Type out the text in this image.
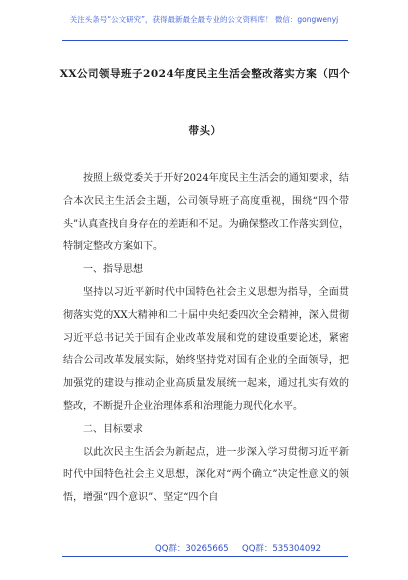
关注头条号“公文研究”，获得最新最全最专业的公文资料库！ 微信：gongwenyj
XX公司领导班子2024年度民主生活会整改落实方案（四个
带头）

按照上级党委关于开好2024年度民主生活会的通知要求，结合本次民主生活会主题，公司领导班子高度重视，围绕“四个带头”认真查找自身存在的差距和不足。为确保整改工作落实到位，特制定整改方案如下。

一、指导思想

坚持以习近平新时代中国特色社会主义思想为指导，全面贯彻落实党的XX大精神和二十届中央纪委四次全会精神，深入贯彻习近平总书记关于国有企业改革发展和党的建设重要论述，紧密结合公司改革发展实际，始终坚持党对国有企业的全面领导，把加强党的建设与推动企业高质量发展统一起来，通过扎实有效的整改，不断提升企业治理体系和治理能力现代化水平。

二、目标要求

以此次民主生活会为新起点，进一步深入学习贯彻习近平新时代中国特色社会主义思想，深化对“两个确立”决定性意义的领悟，增强“四个意识”、坚定“四个自

QQ群：30265665 QQ群：535304092
